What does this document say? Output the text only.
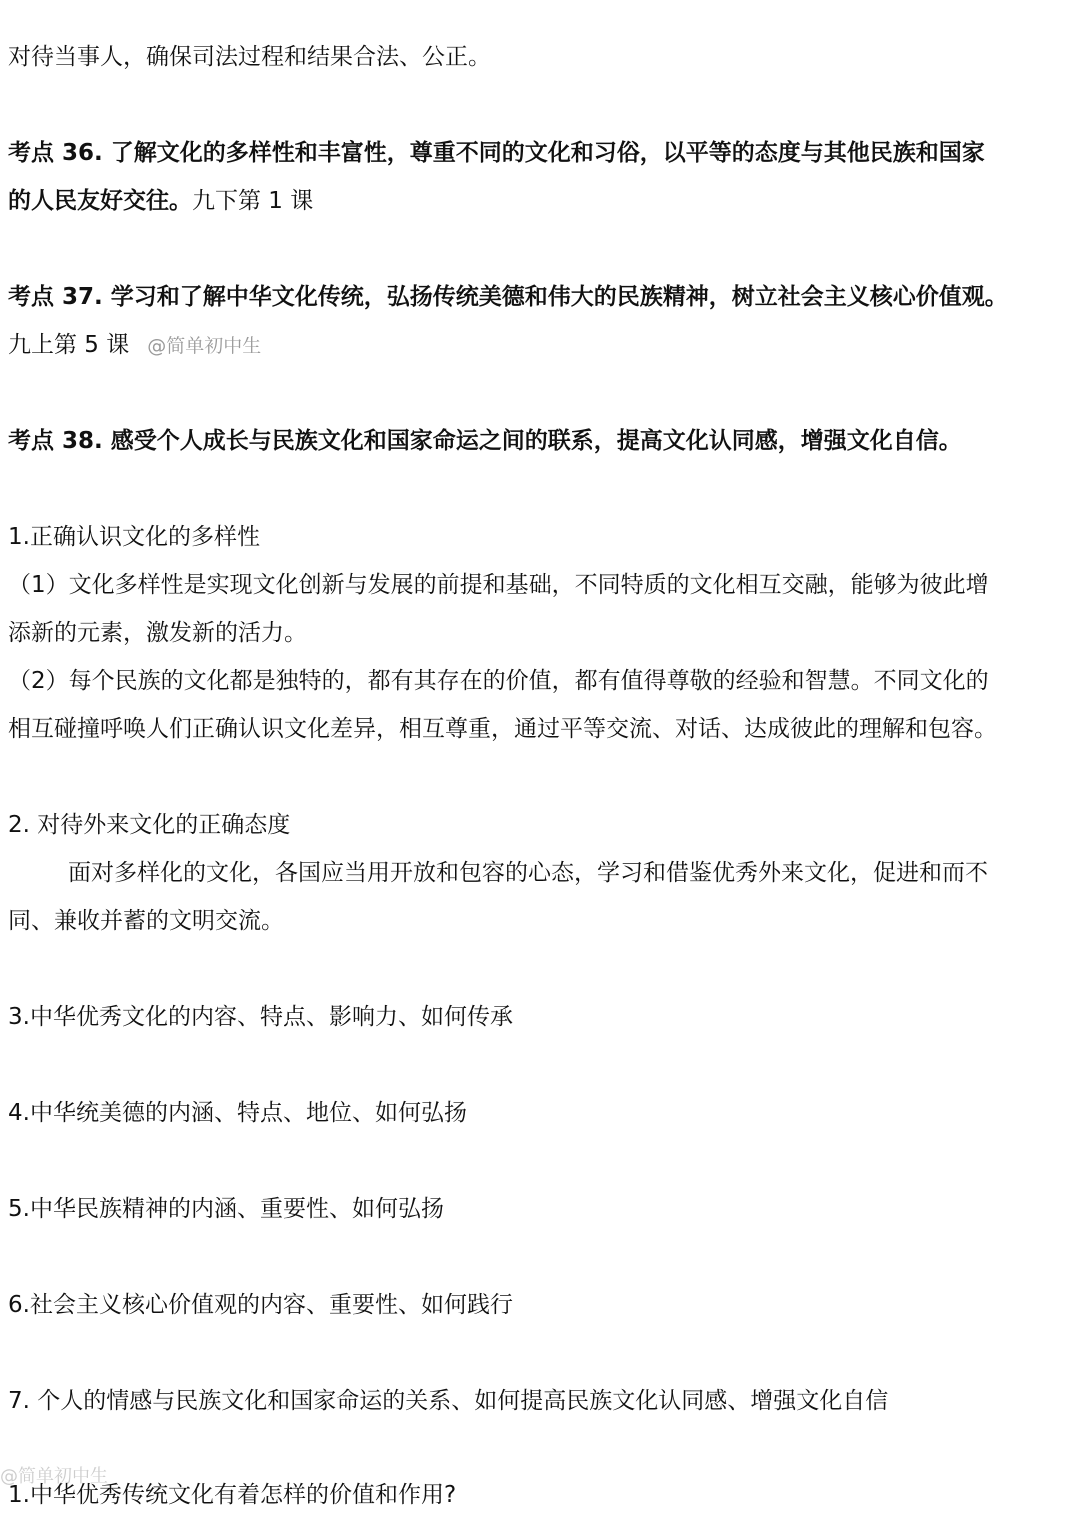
对待当事人，确保司法过程和结果合法、公正。
考点 36. 了解文化的多样性和丰富性，尊重不同的文化和习俗，以平等的态度与其他民族和国家
的人民友好交往。九下第 1 课
考点 37. 学习和了解中华文化传统，弘扬传统美德和伟大的民族精神，树立社会主义核心价值观。
九上第 5 课 @简单初中生
考点 38. 感受个人成长与民族文化和国家命运之间的联系，提高文化认同感，增强文化自信。
1.正确认识文化的多样性
（1）文化多样性是实现文化创新与发展的前提和基础，不同特质的文化相互交融，能够为彼此增
添新的元素，激发新的活力。
（2）每个民族的文化都是独特的，都有其存在的价值，都有值得尊敬的经验和智慧。不同文化的
相互碰撞呼唤人们正确认识文化差异，相互尊重，通过平等交流、对话、达成彼此的理解和包容。
2. 对待外来文化的正确态度
面对多样化的文化，各国应当用开放和包容的心态，学习和借鉴优秀外来文化，促进和而不
同、兼收并蓄的文明交流。
3.中华优秀文化的内容、特点、影响力、如何传承
4.中华统美德的内涵、特点、地位、如何弘扬
5.中华民族精神的内涵、重要性、如何弘扬
6.社会主义核心价值观的内容、重要性、如何践行
7. 个人的情感与民族文化和国家命运的关系、如何提高民族文化认同感、增强文化自信
1.中华优秀传统文化有着怎样的价值和作用?
@简单初中生
